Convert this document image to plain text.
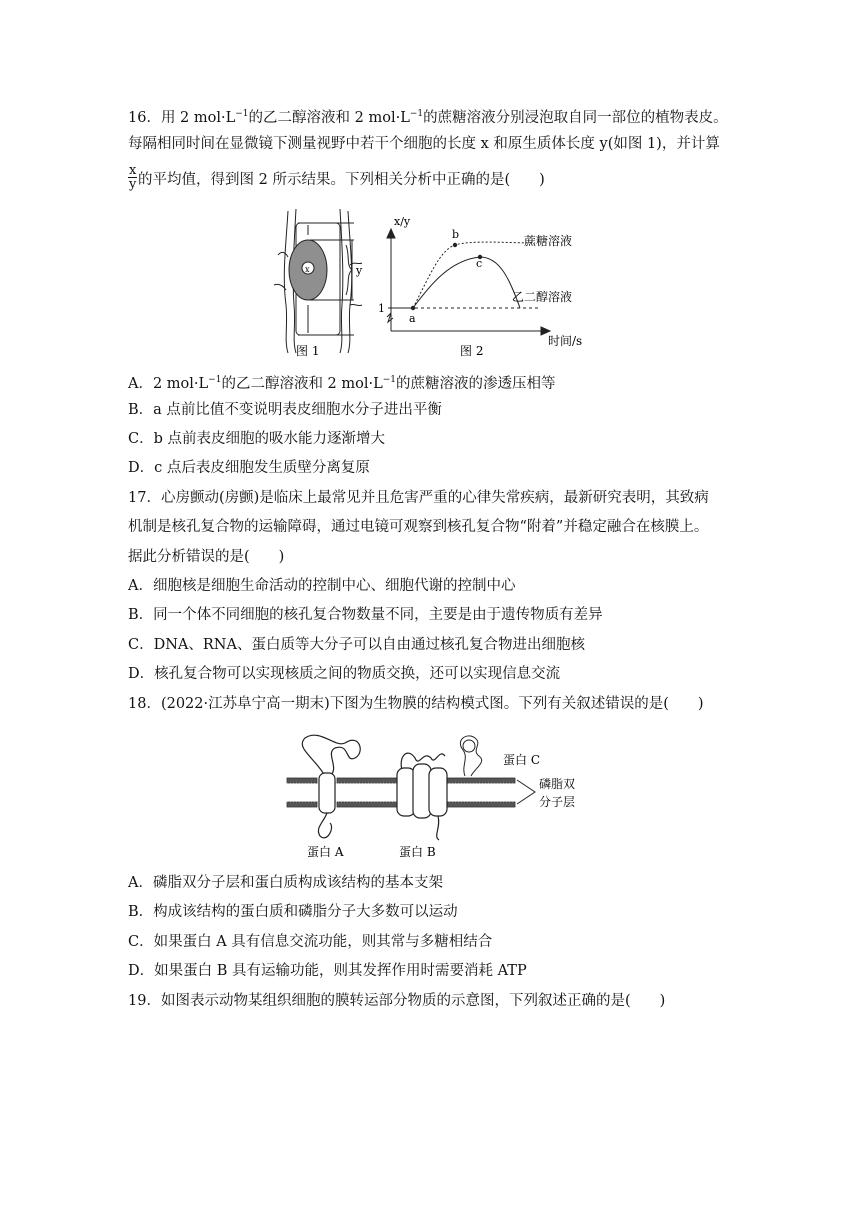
16．用 2 $mol\cdot L^{-1}$的乙二醇溶液和 2 $mol\cdot L^{-1}$的蔗糖溶液分别浸泡取自同一部位的植物表皮。
每隔相同时间在显微镜下测量视野中若干个细胞的长度 x 和原生质体长度 y(如图 1)，并计算
$\frac{x}{y}$ 的平均值，得到图 2 所示结果。下列相关分析中正确的是(　　)
x	y
图 1
x/y
1
a
b
c
蔗糖溶液
乙二醇溶液
时间/s
图 2
A．2 $mol\cdot L^{-1}$的乙二醇溶液和 2 $mol\cdot L^{-1}$的蔗糖溶液的渗透压相等
B．a 点前比值不变说明表皮细胞水分子进出平衡
C．b 点前表皮细胞的吸水能力逐渐增大
D．c 点后表皮细胞发生质壁分离复原
17．心房颤动(房颤)是临床上最常见并且危害严重的心律失常疾病，最新研究表明，其致病
机制是核孔复合物的运输障碍，通过电镜可观察到核孔复合物“附着”并稳定融合在核膜上。
据此分析错误的是(　　)
A．细胞核是细胞生命活动的控制中心、细胞代谢的控制中心
B．同一个体不同细胞的核孔复合物数量不同，主要是由于遗传物质有差异
C．DNA、RNA、蛋白质等大分子可以自由通过核孔复合物进出细胞核
D．核孔复合物可以实现核质之间的物质交换，还可以实现信息交流
18．(2022·江苏阜宁高一期末)下图为生物膜的结构模式图。下列有关叙述错误的是(　　)
蛋白 C
磷脂双
分子层
蛋白 A	蛋白 B
A．磷脂双分子层和蛋白质构成该结构的基本支架
B．构成该结构的蛋白质和磷脂分子大多数可以运动
C．如果蛋白 A 具有信息交流功能，则其常与多糖相结合
D．如果蛋白 B 具有运输功能，则其发挥作用时需要消耗 ATP
19．如图表示动物某组织细胞的膜转运部分物质的示意图，下列叙述正确的是(　　)
